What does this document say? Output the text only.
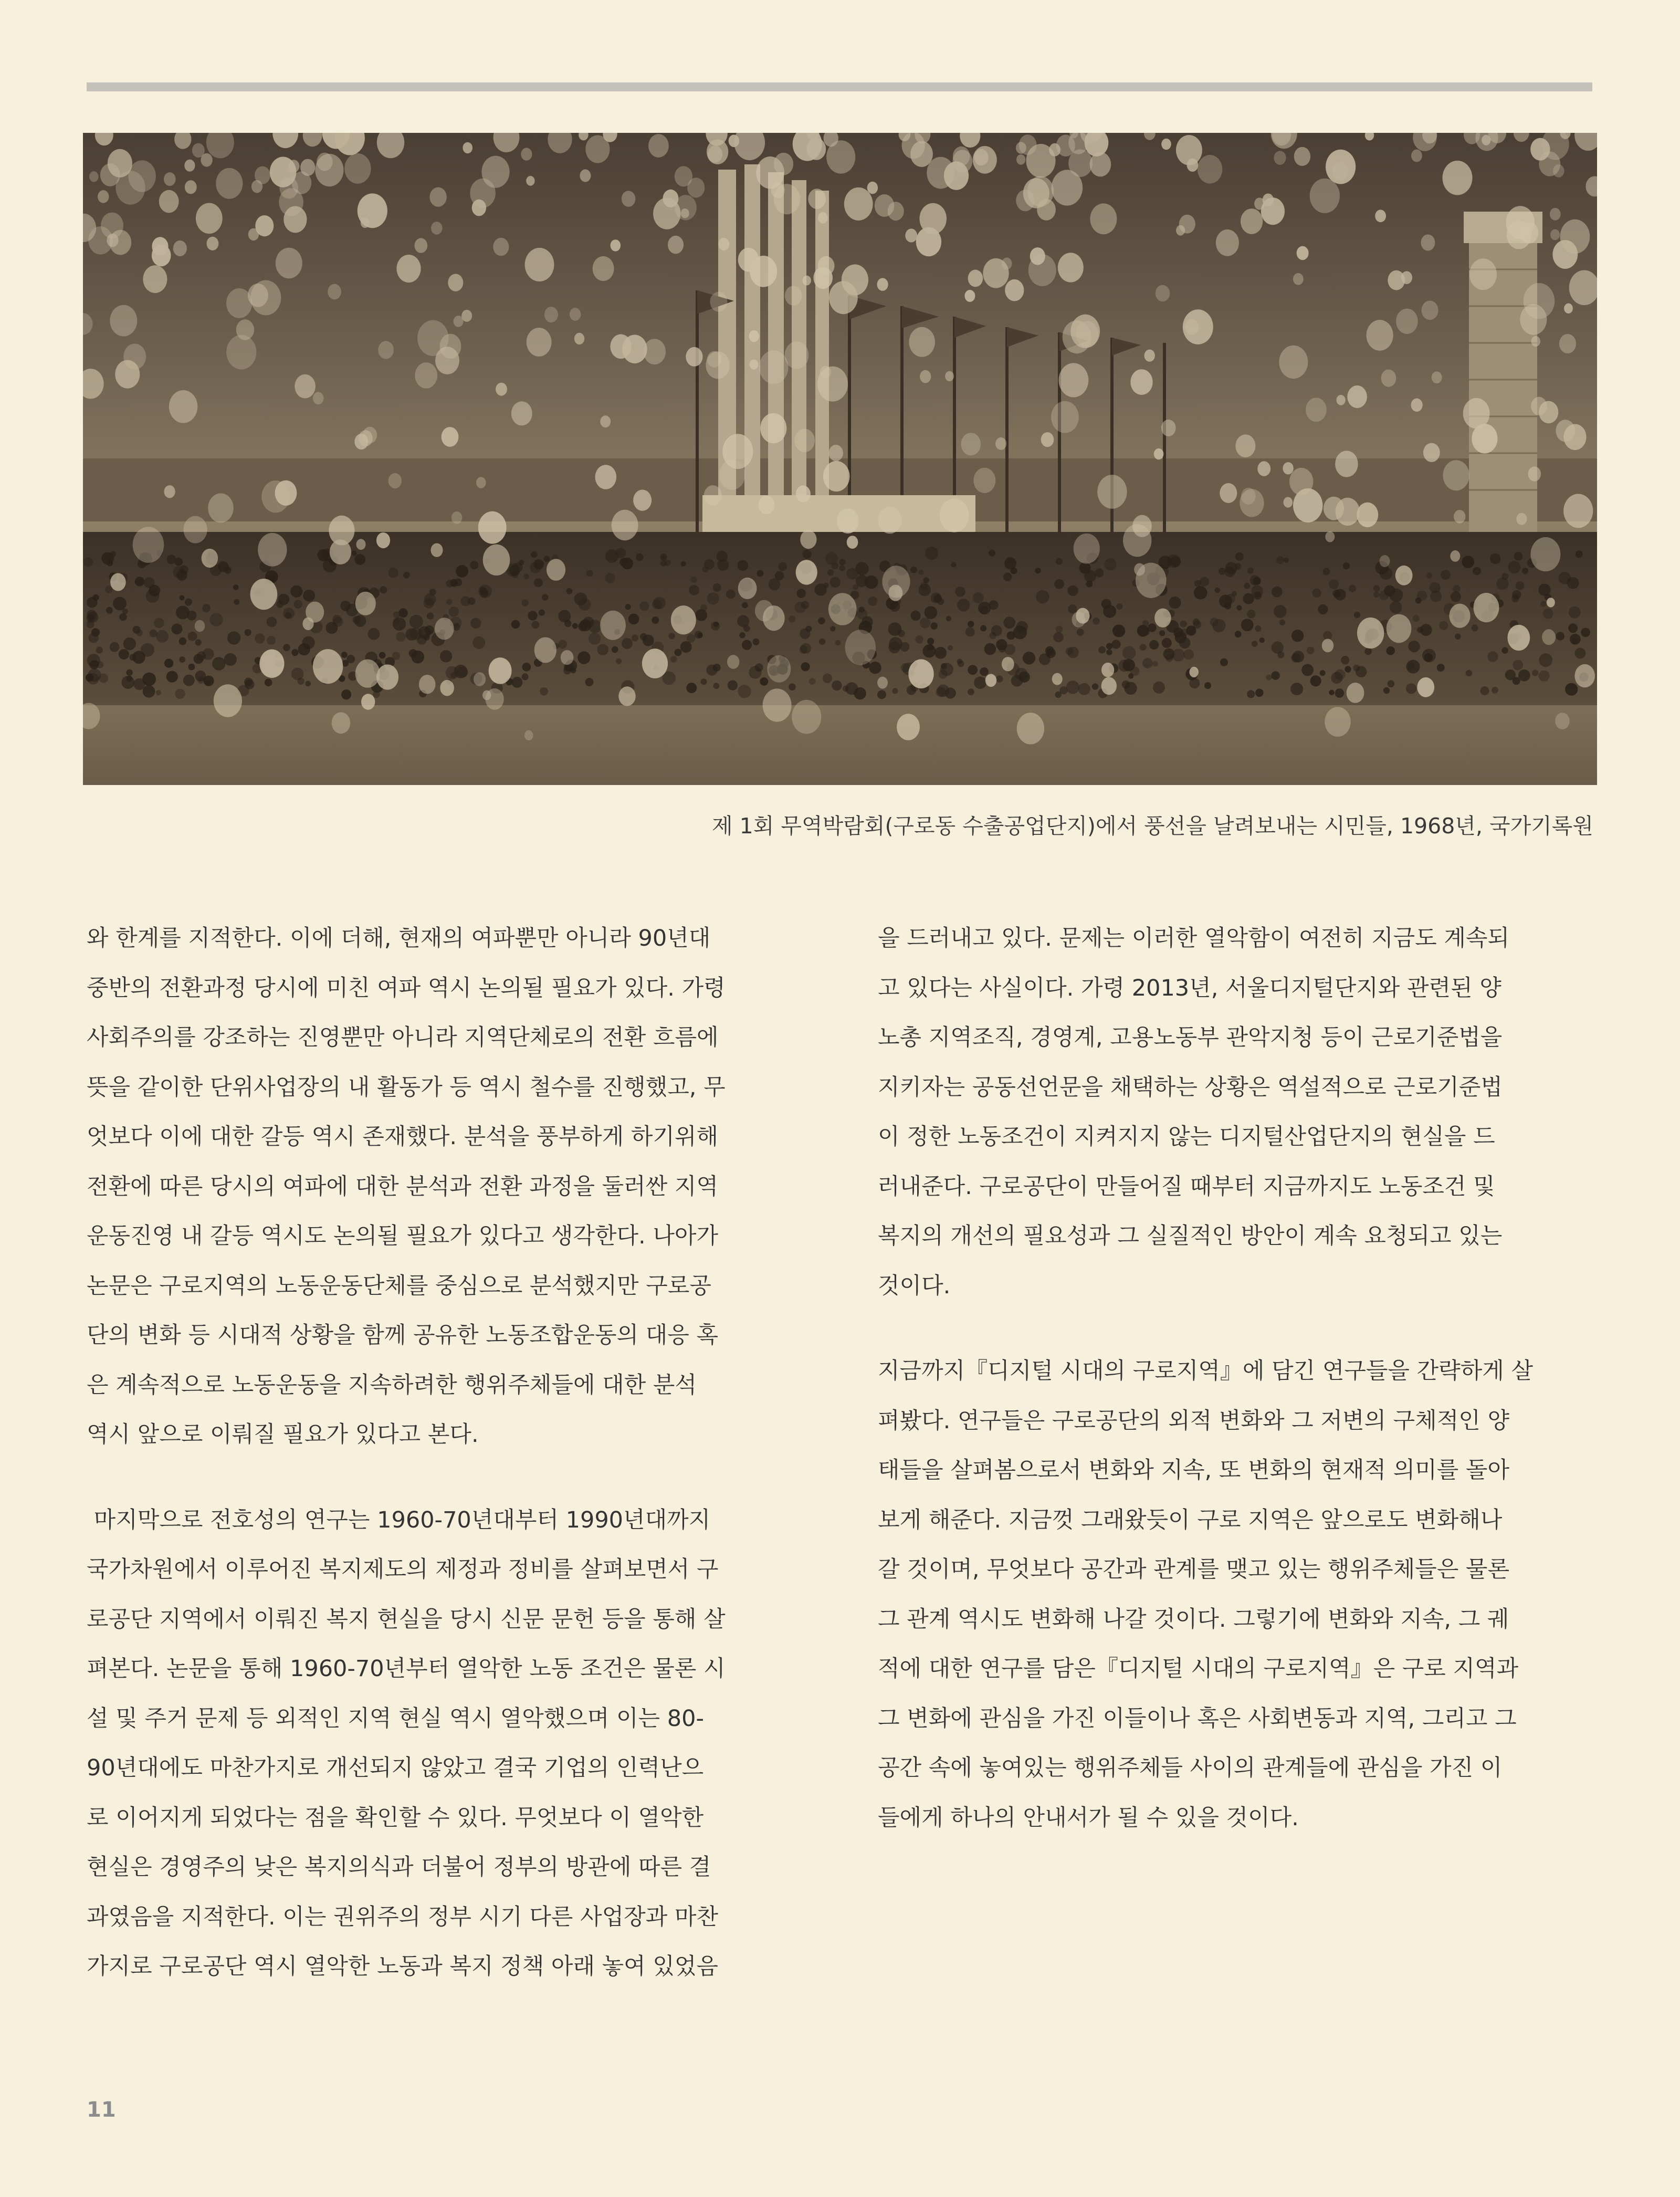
제 1회 무역박람회(구로동 수출공업단지)에서 풍선을 날려보내는 시민들, 1968년, 국가기록원
와 한계를 지적한다. 이에 더해, 현재의 여파뿐만 아니라 90년대
중반의 전환과정 당시에 미친 여파 역시 논의될 필요가 있다. 가령
사회주의를 강조하는 진영뿐만 아니라 지역단체로의 전환 흐름에
뜻을 같이한 단위사업장의 내 활동가 등 역시 철수를 진행했고, 무
엇보다 이에 대한 갈등 역시 존재했다. 분석을 풍부하게 하기위해
전환에 따른 당시의 여파에 대한 분석과 전환 과정을 둘러싼 지역
운동진영 내 갈등 역시도 논의될 필요가 있다고 생각한다. 나아가
논문은 구로지역의 노동운동단체를 중심으로 분석했지만 구로공
단의 변화 등 시대적 상황을 함께 공유한 노동조합운동의 대응 혹
은 계속적으로 노동운동을 지속하려한 행위주체들에 대한 분석
역시 앞으로 이뤄질 필요가 있다고 본다.
마지막으로 전호성의 연구는 1960-70년대부터 1990년대까지
국가차원에서 이루어진 복지제도의 제정과 정비를 살펴보면서 구
로공단 지역에서 이뤄진 복지 현실을 당시 신문 문헌 등을 통해 살
펴본다. 논문을 통해 1960-70년부터 열악한 노동 조건은 물론 시
설 및 주거 문제 등 외적인 지역 현실 역시 열악했으며 이는 80-
90년대에도 마찬가지로 개선되지 않았고 결국 기업의 인력난으
로 이어지게 되었다는 점을 확인할 수 있다. 무엇보다 이 열악한
현실은 경영주의 낮은 복지의식과 더불어 정부의 방관에 따른 결
과였음을 지적한다. 이는 권위주의 정부 시기 다른 사업장과 마찬
가지로 구로공단 역시 열악한 노동과 복지 정책 아래 놓여 있었음
을 드러내고 있다. 문제는 이러한 열악함이 여전히 지금도 계속되
고 있다는 사실이다. 가령 2013년, 서울디지털단지와 관련된 양
노총 지역조직, 경영계, 고용노동부 관악지청 등이 근로기준법을
지키자는 공동선언문을 채택하는 상황은 역설적으로 근로기준법
이 정한 노동조건이 지켜지지 않는 디지털산업단지의 현실을 드
러내준다. 구로공단이 만들어질 때부터 지금까지도 노동조건 및
복지의 개선의 필요성과 그 실질적인 방안이 계속 요청되고 있는
것이다.
지금까지『디지털 시대의 구로지역』에 담긴 연구들을 간략하게 살
펴봤다. 연구들은 구로공단의 외적 변화와 그 저변의 구체적인 양
태들을 살펴봄으로서 변화와 지속, 또 변화의 현재적 의미를 돌아
보게 해준다. 지금껏 그래왔듯이 구로 지역은 앞으로도 변화해나
갈 것이며, 무엇보다 공간과 관계를 맺고 있는 행위주체들은 물론
그 관계 역시도 변화해 나갈 것이다. 그렇기에 변화와 지속, 그 궤
적에 대한 연구를 담은『디지털 시대의 구로지역』은 구로 지역과
그 변화에 관심을 가진 이들이나 혹은 사회변동과 지역, 그리고 그
공간 속에 놓여있는 행위주체들 사이의 관계들에 관심을 가진 이
들에게 하나의 안내서가 될 수 있을 것이다.
11
